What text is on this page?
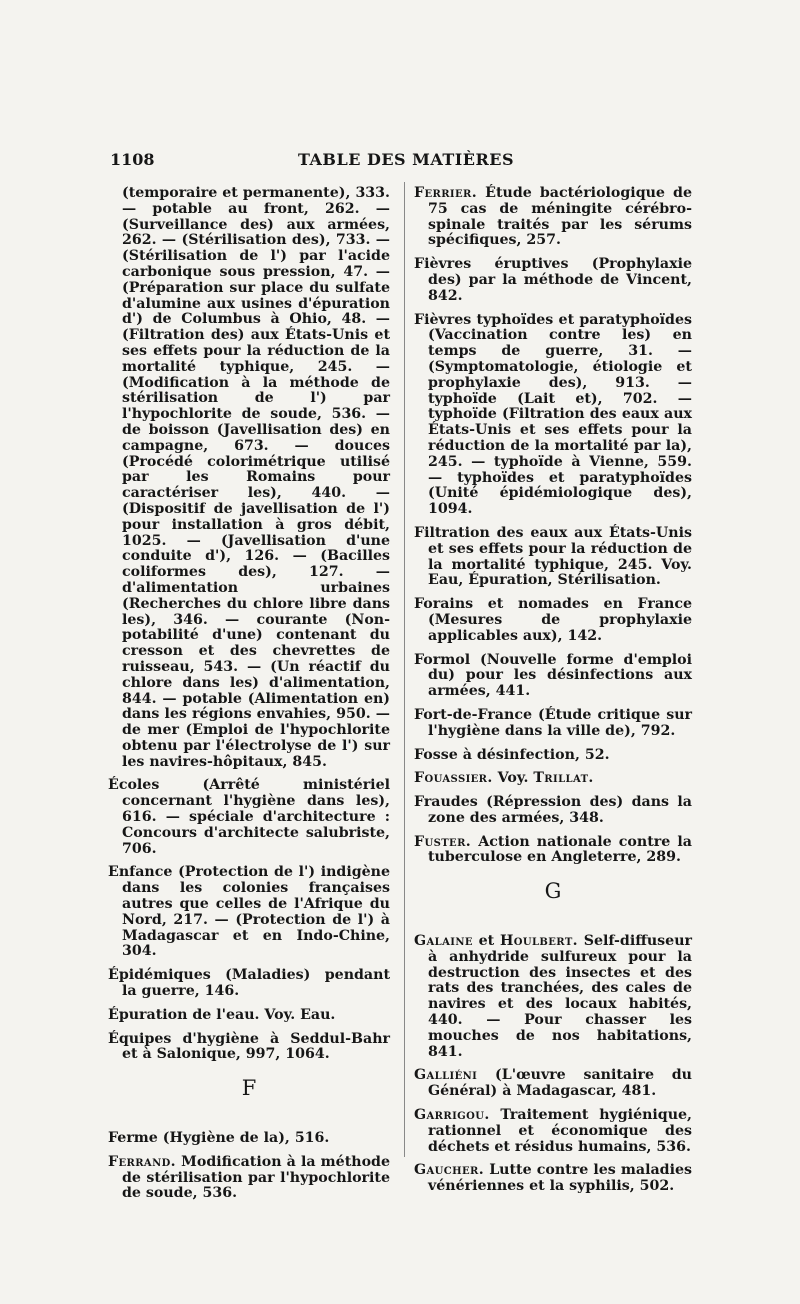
1108	TABLE DES MATIÈRES

(temporaire et permanente), 333. — potable au front, 262. — (Surveillance des) aux armées, 262. — (Stérilisation des), 733. — (Stérilisation de l') par l'acide carbonique sous pression, 47. — (Préparation sur place du sulfate d'alumine aux usines d'épuration d') de Columbus à Ohio, 48. — (Filtration des) aux États-Unis et ses effets pour la réduction de la mortalité typhique, 245. — (Modification à la méthode de stérilisation de l') par l'hypochlorite de soude, 536. — de boisson (Javellisation des) en campagne, 673. — douces (Procédé colorimétrique utilisé par les Romains pour caractériser les), 440. — (Dispositif de javellisation de l') pour installation à gros débit, 1025. — (Javellisation d'une conduite d'), 126. — (Bacilles coliformes des), 127. — d'alimentation urbaines (Recherches du chlore libre dans les), 346. — courante (Non-potabilité d'une) contenant du cresson et des chevrettes de ruisseau, 543. — (Un réactif du chlore dans les) d'alimentation, 844. — potable (Alimentation en) dans les régions envahies, 950. — de mer (Emploi de l'hypochlorite obtenu par l'électrolyse de l') sur les navires-hôpitaux, 845.

Écoles (Arrêté ministériel concernant l'hygiène dans les), 616. — spéciale d'architecture : Concours d'architecte salubriste, 706.

Enfance (Protection de l') indigène dans les colonies françaises autres que celles de l'Afrique du Nord, 217. — (Protection de l') à Madagascar et en Indo-Chine, 304.

Épidémiques (Maladies) pendant la guerre, 146.

Épuration de l'eau. Voy. Eau.

Équipes d'hygiène à Seddul-Bahr et à Salonique, 997, 1064.

F

Ferme (Hygiène de la), 516.

Ferrand. Modification à la méthode de stérilisation par l'hypochlorite de soude, 536.

Ferrier. Étude bactériologique de 75 cas de méningite cérébro-spinale traités par les sérums spécifiques, 257.

Fièvres éruptives (Prophylaxie des) par la méthode de Vincent, 842.

Fièvres typhoïdes et paratyphoïdes (Vaccination contre les) en temps de guerre, 31. — (Symptomatologie, étiologie et prophylaxie des), 913. — typhoïde (Lait et), 702. — typhoïde (Filtration des eaux aux États-Unis et ses effets pour la réduction de la mortalité par la), 245. — typhoïde à Vienne, 559. — typhoïdes et paratyphoïdes (Unité épidémiologique des), 1094.

Filtration des eaux aux États-Unis et ses effets pour la réduction de la mortalité typhique, 245. Voy. Eau, Épuration, Stérilisation.

Forains et nomades en France (Mesures de prophylaxie applicables aux), 142.

Formol (Nouvelle forme d'emploi du) pour les désinfections aux armées, 441.

Fort-de-France (Étude critique sur l'hygiène dans la ville de), 792.

Fosse à désinfection, 52.

Fouassier. Voy. Trillat.

Fraudes (Répression des) dans la zone des armées, 348.

Fuster. Action nationale contre la tuberculose en Angleterre, 289.

G

Galaine et Houlbert. Self-diffuseur à anhydride sulfureux pour la destruction des insectes et des rats des tranchées, des cales de navires et des locaux habités, 440. — Pour chasser les mouches de nos habitations, 841.

Galliéni (L'œuvre sanitaire du Général) à Madagascar, 481.

Garrigou. Traitement hygiénique, rationnel et économique des déchets et résidus humains, 536.

Gaucher. Lutte contre les maladies vénériennes et la syphilis, 502.
